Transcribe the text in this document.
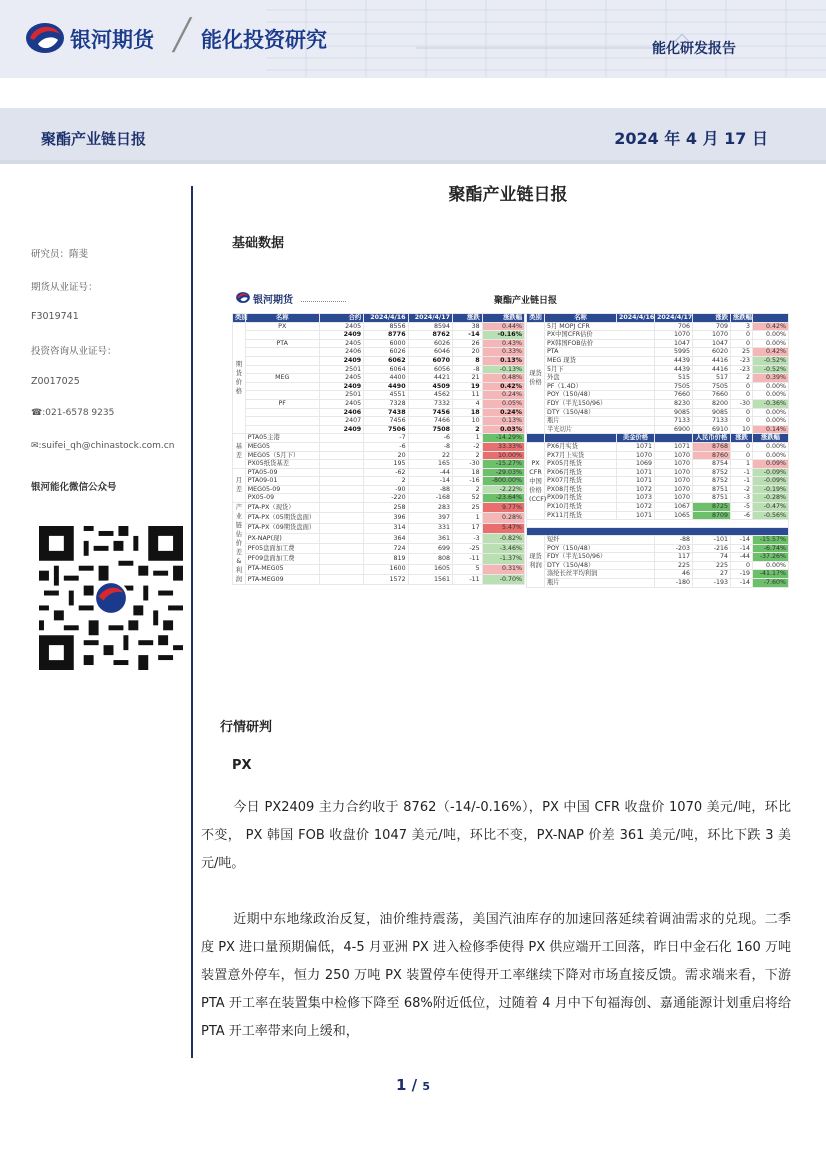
银河期货 ╱ 能化投资研究	能化研发报告
聚酯产业链日报	2024 年 4 月 17 日
聚酯产业链日报
研究员：隋斐
期货从业证号：
F3019741
投资咨询从业证号：
Z0017025
☎:021-6578 9235
✉:suifei_qh@chinastock.com.cn
银河能化微信公众号
基础数据
银河期货	聚酯产业链日报
类别	名称	合约	2024/4/16	2024/4/17	涨跌	涨跌幅
期货价格	PX	2405	8556	8594	38	0.44%
		2409	8776	8762	-14	-0.16%
	PTA	2405	6000	6026	26	0.43%
		2406	6026	6046	20	0.33%
		2409	6062	6070	8	0.13%
		2501	6064	6056	-8	-0.13%
	MEG	2405	4400	4421	21	0.48%
		2409	4490	4509	19	0.42%
		2501	4551	4562	11	0.24%
	PF	2405	7328	7332	4	0.05%
		2406	7438	7456	18	0.24%
		2407	7456	7466	10	0.13%
		2409	7506	7508	2	0.03%
基差	PTA05主港		-7	-6	1	-14.29%
	MEG05		-6	-8	-2	33.33%
	MEG05（5月下）		20	22	2	10.00%
	PX05纸货基差		195	165	-30	-15.27%
月差	PTA05-09		-62	-44	18	-29.03%
	PTA09-01		2	-14	-16	-800.00%
	MEG05-09		-90	-88	2	-2.22%
	PX05-09		-220	-168	52	-23.64%
产业链估价差&利润	PTA-PX（现货）		258	283	25	9.77%
	PTA-PX（05期货盘面）		396	397	1	0.28%
	PTA-PX（09期货盘面）		314	331	17	5.47%
	PX-NAP(现)		364	361	-3	-0.82%
	PF05盘面加工费		724	699	-25	-3.46%
	PF09盘面加工费		819	808	-11	-1.37%
	PTA-MEG05		1600	1605	5	0.31%
	PTA-MEG09		1572	1561	-11	-0.70%
类别	名称	2024/4/16	2024/4/17	涨跌	涨跌幅	
现货价格	5月 MOPJ CFR		706	709	3	0.42%
	PX中国CFR估价		1070	1070	0	0.00%
	PX韩国FOB估价		1047	1047	0	0.00%
	PTA		5995	6020	25	0.42%
	MEG 现货		4439	4416	-23	-0.52%
	5月下		4439	4416	-23	-0.52%
	外盘		515	517	2	0.39%
	PF（1.4D）		7505	7505	0	0.00%
	POY（150/48）		7660	7660	0	0.00%
	FDY（半光150/96）		8230	8200	-30	-0.36%
	DTY（150/48）		9085	9085	0	0.00%
	瓶片		7133	7133	0	0.00%
	半光切片		6900	6910	10	0.14%
		美金价格		人民币价格	涨跌	涨跌幅
PX CFR中国价格(CCF)	PX6月实货	1071	1071	8768	0	0.00%
	PX7月上实货	1070	1070	8760	0	0.00%
	PX05月纸货	1069	1070	8754	1	0.09%
	PX06月纸货	1071	1070	8752	-1	-0.09%
	PX07月纸货	1071	1070	8752	-1	-0.09%
	PX08月纸货	1072	1070	8751	-2	-0.19%
	PX09月纸货	1073	1070	8751	-3	-0.28%
	PX10月纸货	1072	1067	8725	-5	-0.47%
	PX11月纸货	1071	1065	8709	-6	-0.56%

现货利润	短纤		-88	-101	-14	-15.57%
	POY（150/48）		-203	-216	-14	-6.74%
	FDY（半光150/96）		117	74	-44	-37.26%
	DTY（150/48）		225	225	0	0.00%
	涤纶长丝平均利润		46	27	-19	-41.17%
	瓶片		-180	-193	-14	-7.60%
行情研判
PX
今日 PX2409 主力合约收于 8762（-14/-0.16%），PX 中国 CFR 收盘价 1070 美元/吨，环比不变， PX 韩国 FOB 收盘价 1047 美元/吨，环比不变，PX-NAP 价差 361 美元/吨，环比下跌 3 美元/吨。
近期中东地缘政治反复，油价维持震荡，美国汽油库存的加速回落延续着调油需求的兑现。二季度 PX 进口量预期偏低，4-5 月亚洲 PX 进入检修季使得 PX 供应端开工回落，昨日中金石化 160 万吨装置意外停车，恒力 250 万吨 PX 装置停车使得开工率继续下降对市场直接反馈。需求端来看，下游 PTA 开工率在装置集中检修下降至 68%附近低位，过随着 4 月中下旬福海创、嘉通能源计划重启将给 PTA 开工率带来向上缓和，
1 / 5
